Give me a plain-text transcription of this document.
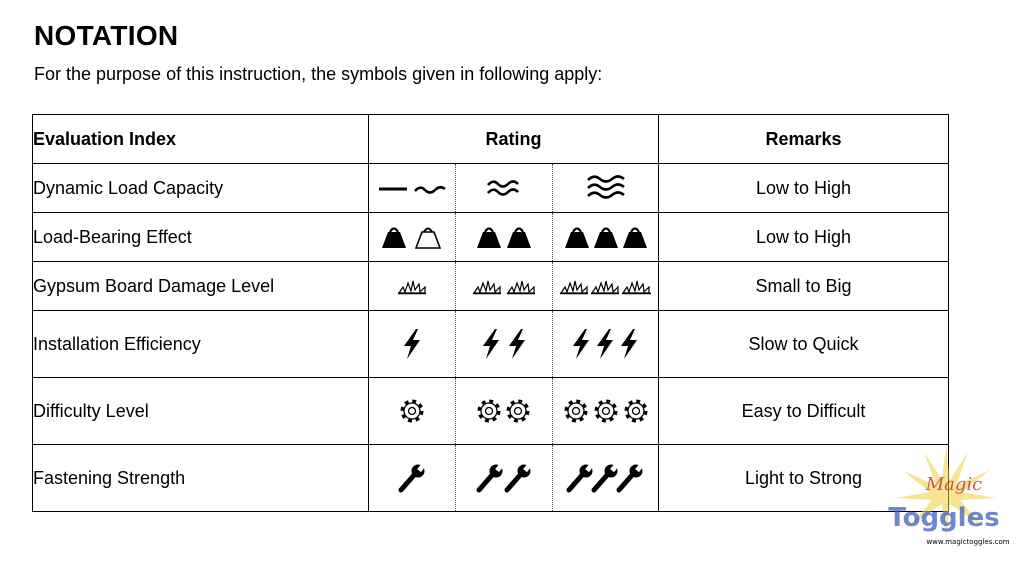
NOTATION

For the purpose of this instruction, the symbols given in following apply:

Evaluation Index	Rating			Remarks
Dynamic Load Capacity				Low to High
Load-Bearing Effect				Low to High
Gypsum Board Damage Level				Small to Big
Installation Efficiency				Slow to Quick
Difficulty Level				Easy to Difficult
Fastening Strength				Light to Strong	Magic
Toggles
www.magictoggles.com
